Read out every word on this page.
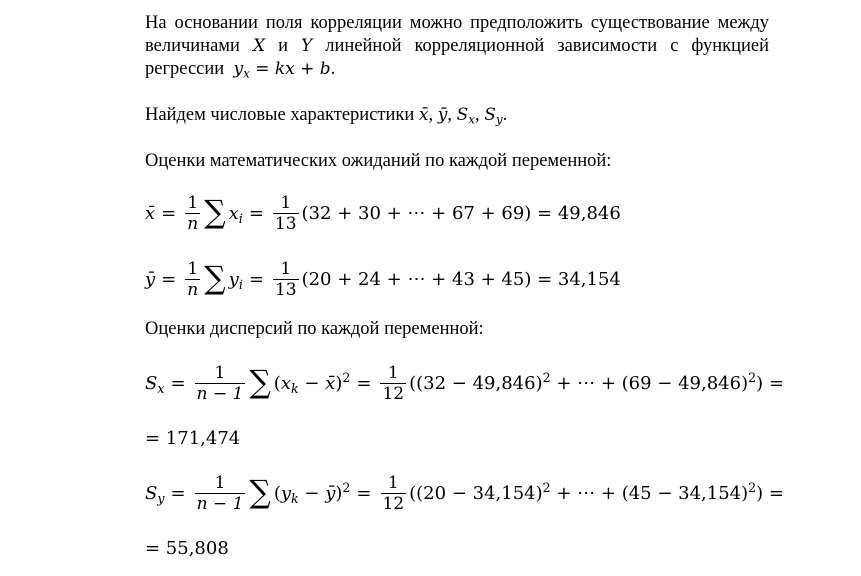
На основании поля корреляции можно предположить существование между
величинами X и Y линейной корреляционной зависимости с функцией
регрессии $y_x$ = kx + b.
Найдем числовые характеристики x̄, ȳ, $S_x$, $S_y$.
Оценки математических ожиданий по каждой переменной:
x̄ = $\frac{1}{n}$ ∑ $x_i = \frac{1}{13} (32 + 30$ + ⋯ + 67 + 69) = 49,846
ȳ = $\frac{1}{n}$ ∑ $y_i = \frac{1}{13} (20 + 24$ + ⋯ + 43 + 45) = 34,154
Оценки дисперсий по каждой переменной:
$S_x = \frac{1}{n - 1}$ ∑ ($x_k$ − x̄)$^2$ = $\frac{1}{12} ((32 - 49,846)^2$ + ⋯ + $(69 - 49,846)^2$) =
= 171,474
$S_y = \frac{1}{n - 1}$ ∑ ($y_k$ − ȳ)$^2$ = $\frac{1}{12} ((20 - 34,154)^2$ + ⋯ + $(45 - 34,154)^2$) =
= 55,808
